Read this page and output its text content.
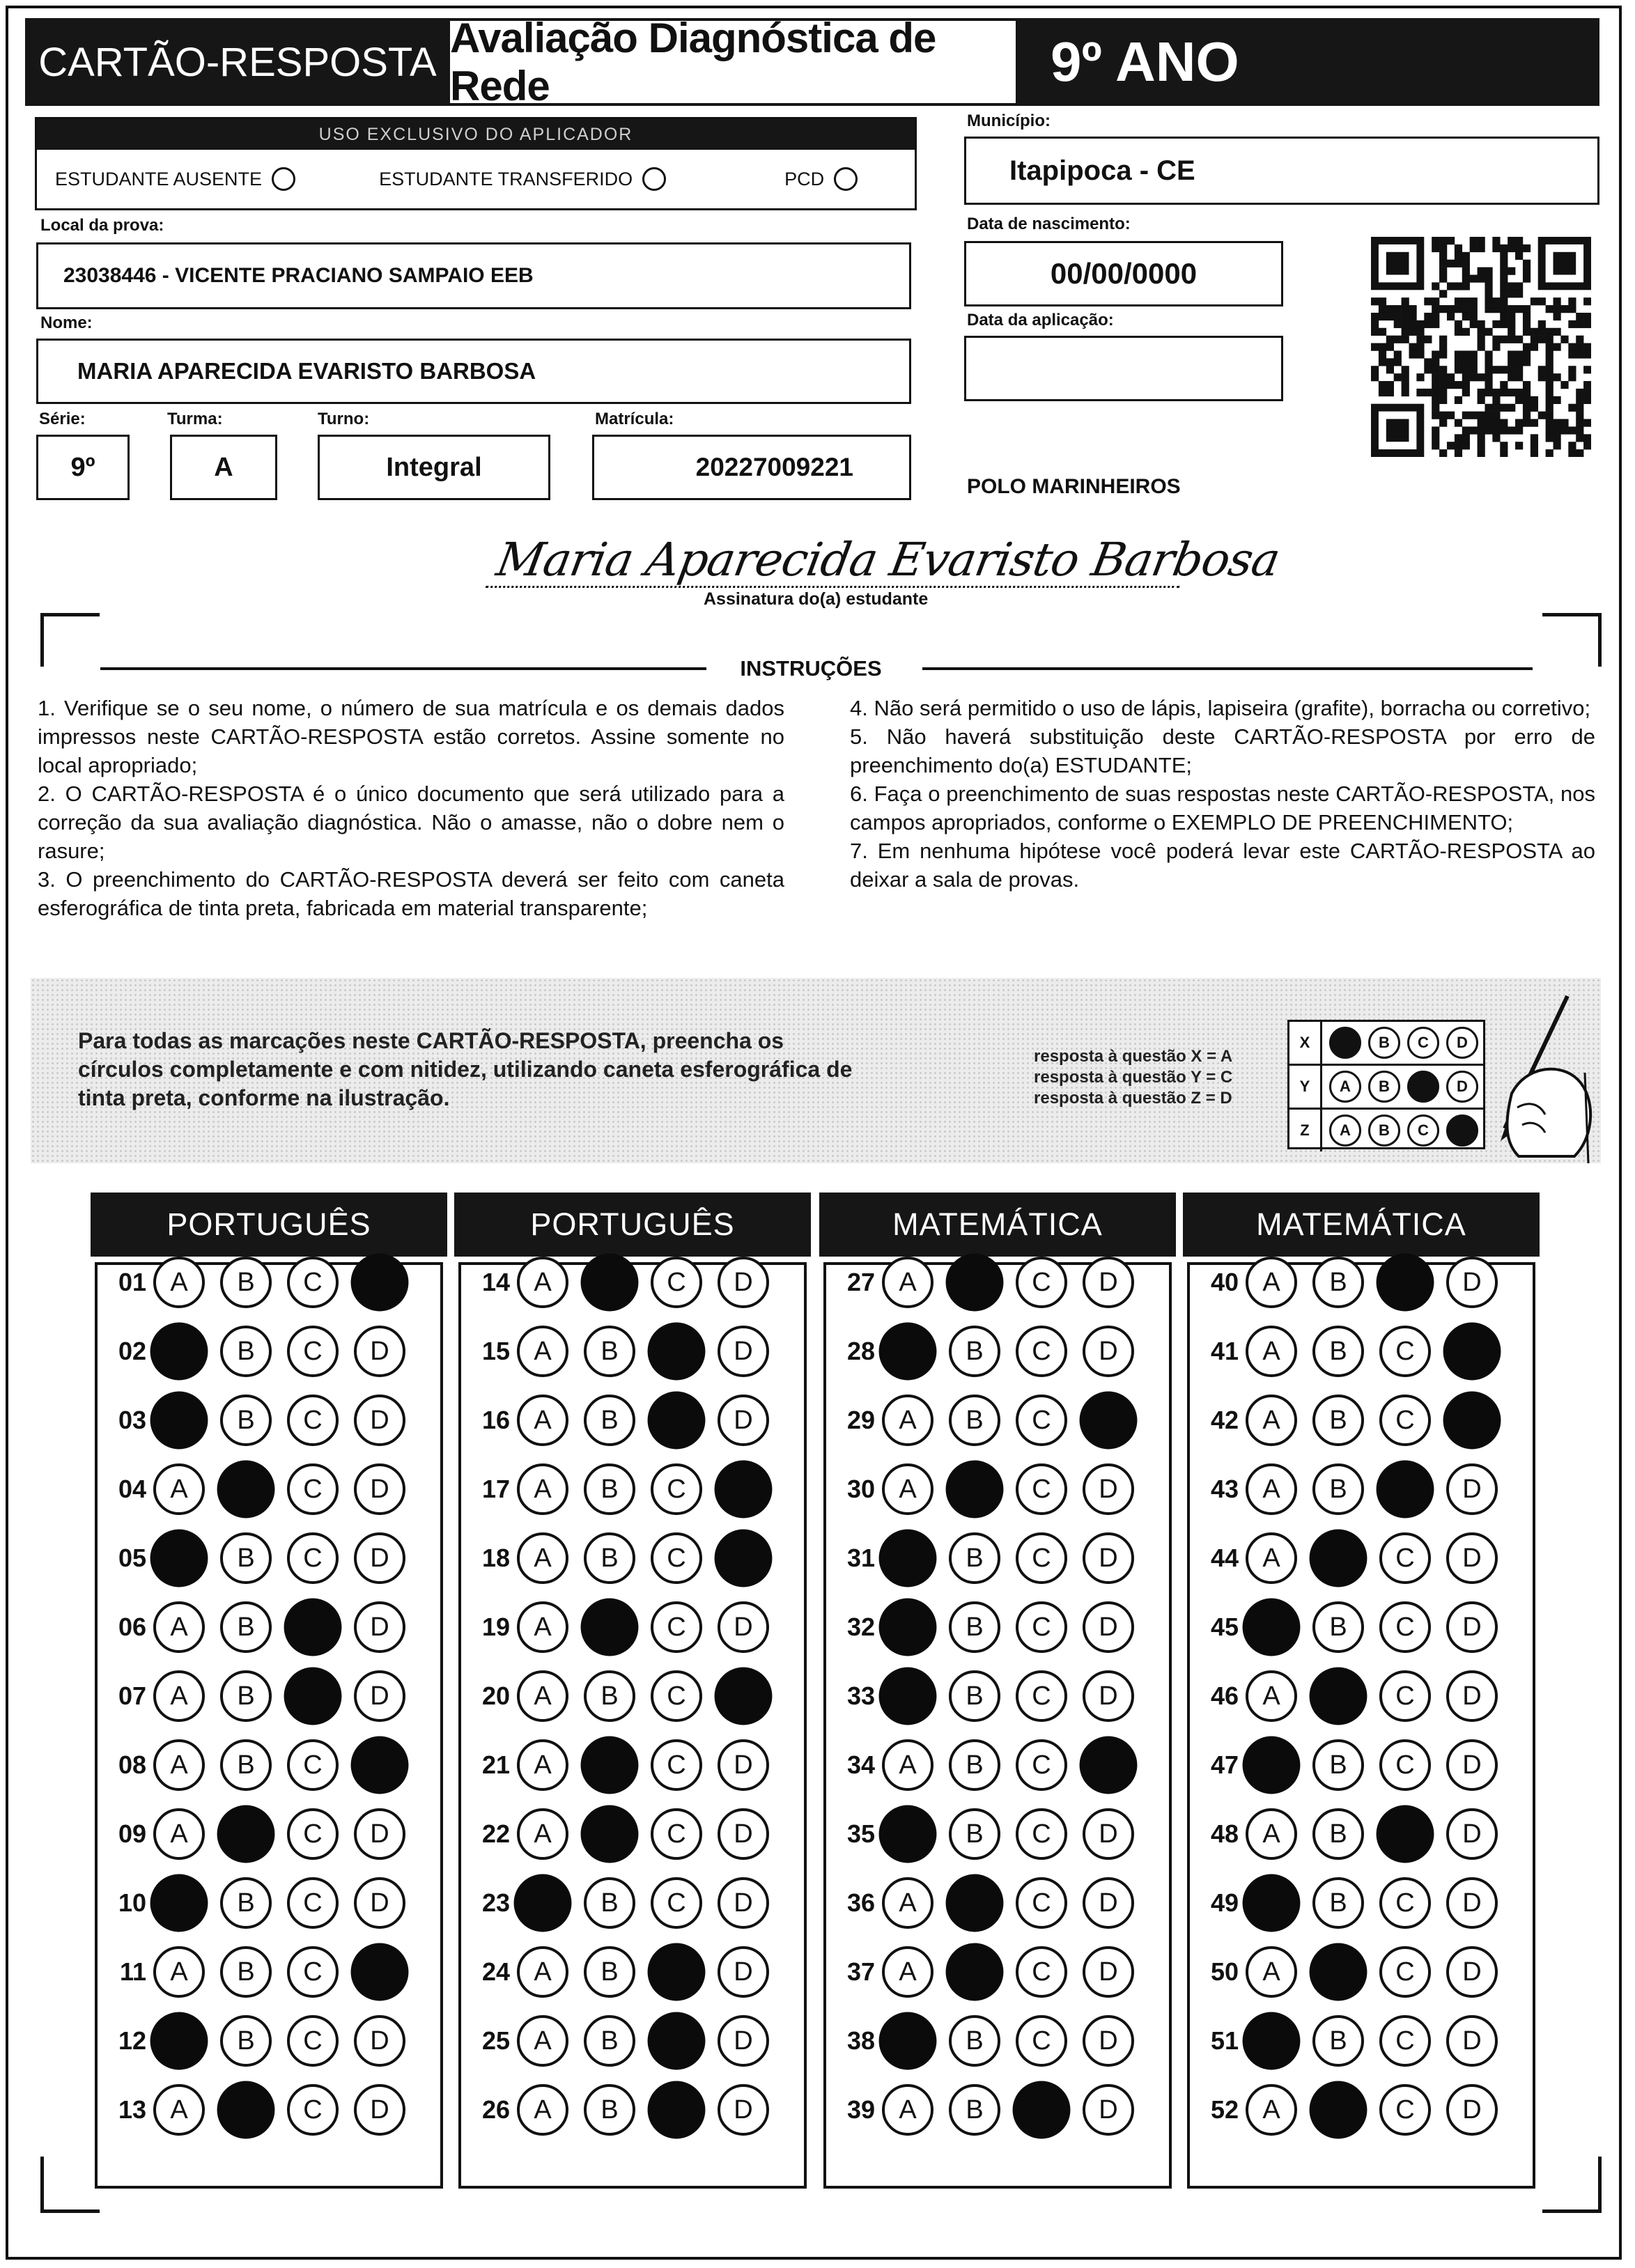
CARTÃO-RESPOSTA
Avaliação Diagnóstica de Rede	9º ANO
USO EXCLUSIVO DO APLICADOR
ESTUDANTE AUSENTE	ESTUDANTE TRANSFERIDO	PCD
Local da prova:
23038446 - VICENTE PRACIANO SAMPAIO EEB
Nome:
MARIA APARECIDA EVARISTO BARBOSA
Série:
9º
Turma:
A
Turno:
Integral
Matrícula:
20227009221
Município:
Itapipoca - CE
Data de nascimento:
00/00/0000
Data da aplicação:
POLO MARINHEIROS
Maria Aparecida Evaristo Barbosa
Assinatura do(a) estudante
INSTRUÇÕES

1. Verifique se o seu nome, o número de sua matrícula e os demais dados impressos neste CARTÃO-RESPOSTA estão corretos. Assine somente no local apropriado;

2. O CARTÃO-RESPOSTA é o único documento que será utilizado para a correção da sua avaliação diagnóstica. Não o amasse, não o dobre nem o rasure;

3. O preenchimento do CARTÃO-RESPOSTA deverá ser feito com caneta esferográfica de tinta preta, fabricada em material transparente;

4. Não será permitido o uso de lápis, lapiseira (grafite), borracha ou corretivo;

5. Não haverá substituição deste CARTÃO-RESPOSTA por erro de preenchimento do(a) ESTUDANTE;

6. Faça o preenchimento de suas respostas neste CARTÃO-RESPOSTA, nos campos apropriados, conforme o EXEMPLO DE PREENCHIMENTO;

7. Em nenhuma hipótese você poderá levar este CARTÃO-RESPOSTA ao deixar a sala de provas.

Para todas as marcações neste CARTÃO-RESPOSTA, preencha os círculos completamente e com nitidez, utilizando caneta esferográfica de tinta preta, conforme na ilustração.
resposta à questão X = A
resposta à questão Y = C
resposta à questão Z = D
X	A	B	C	D
Y	A	B	C	D
Z	A	B	C	D
PORTUGUÊS
01 A	B	C	D
02 A	B	C	D
03 A	B	C	D
04 A	B	C	D
05 A	B	C	D
06 A	B	C	D
07 A	B	C	D
08 A	B	C	D
09 A	B	C	D
10 A	B	C	D
11 A	B	C	D
12 A	B	C	D
13 A	B	C	D
PORTUGUÊS
14 A	B	C	D
15 A	B	C	D
16 A	B	C	D
17 A	B	C	D
18 A	B	C	D
19 A	B	C	D
20 A	B	C	D
21 A	B	C	D
22 A	B	C	D
23 A	B	C	D
24 A	B	C	D
25 A	B	C	D
26 A	B	C	D
MATEMÁTICA
27 A	B	C	D
28 A	B	C	D
29 A	B	C	D
30 A	B	C	D
31 A	B	C	D
32 A	B	C	D
33 A	B	C	D
34 A	B	C	D
35 A	B	C	D
36 A	B	C	D
37 A	B	C	D
38 A	B	C	D
39 A	B	C	D
MATEMÁTICA
40 A	B	C	D
41 A	B	C	D
42 A	B	C	D
43 A	B	C	D
44 A	B	C	D
45 A	B	C	D
46 A	B	C	D
47 A	B	C	D
48 A	B	C	D
49 A	B	C	D
50 A	B	C	D
51 A	B	C	D
52 A	B	C	D
